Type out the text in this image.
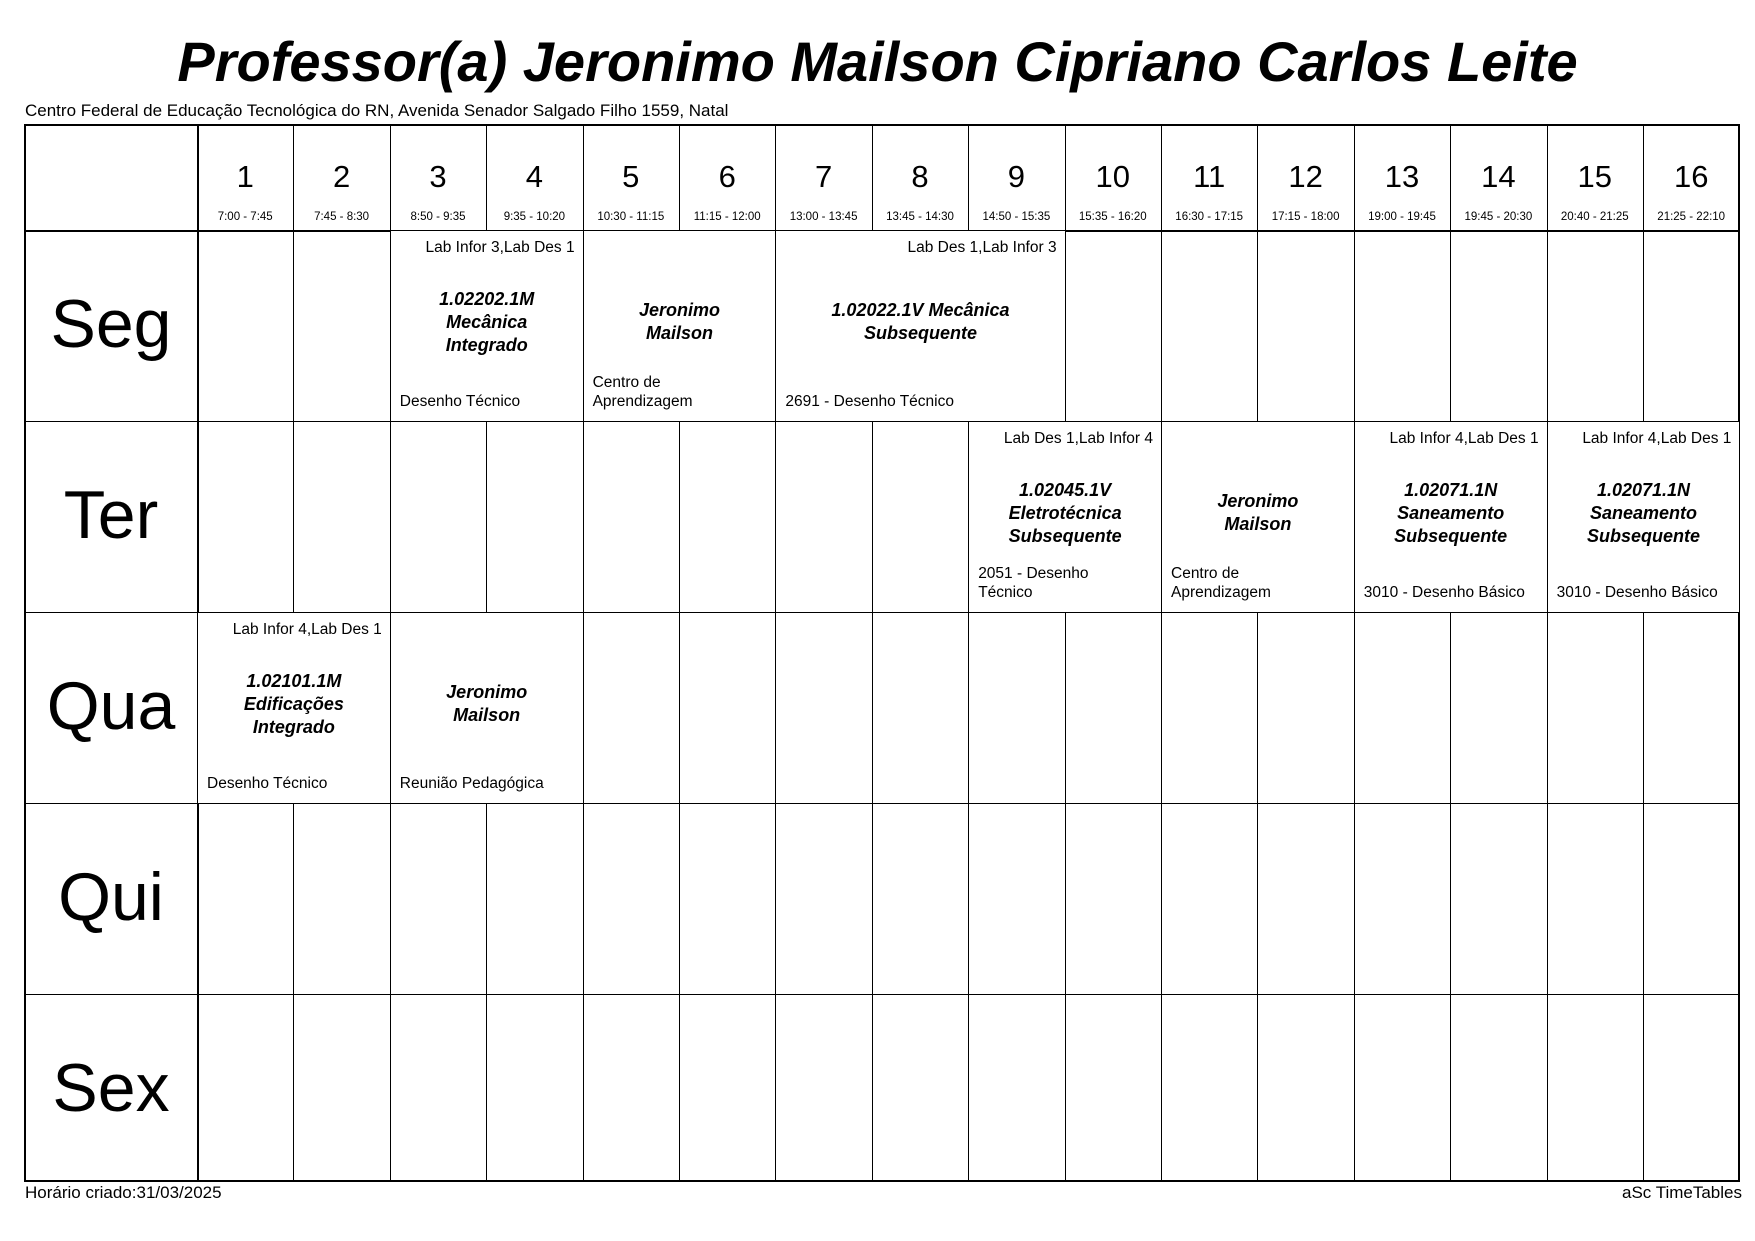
Professor(a) Jeronimo Mailson Cipriano Carlos Leite
Centro Federal de Educação Tecnológica do RN, Avenida Senador Salgado Filho 1559, Natal
1
7:00 - 7:45
2
7:45 - 8:30
3
8:50 - 9:35
4
9:35 - 10:20
5
10:30 - 11:15
6
11:15 - 12:00
7
13:00 - 13:45
8
13:45 - 14:30
9
14:50 - 15:35
10
15:35 - 16:20
11
16:30 - 17:15
12
17:15 - 18:00
13
19:00 - 19:45
14
19:45 - 20:30
15
20:40 - 21:25
16
21:25 - 22:10
Seg
Ter
Qua
Qui
Sex
Lab Infor 3,Lab Des 1
1.02202.1M
Mecânica
Integrado
Desenho Técnico
Jeronimo
Mailson
Centro de
Aprendizagem
Lab Des 1,Lab Infor 3
1.02022.1V Mecânica
Subsequente
2691 - Desenho Técnico
Lab Des 1,Lab Infor 4
1.02045.1V
Eletrotécnica
Subsequente
2051 - Desenho
Técnico
Jeronimo
Mailson
Centro de
Aprendizagem
Lab Infor 4,Lab Des 1
1.02071.1N
Saneamento
Subsequente
3010 - Desenho Básico
Lab Infor 4,Lab Des 1
1.02071.1N
Saneamento
Subsequente
3010 - Desenho Básico
Lab Infor 4,Lab Des 1
1.02101.1M
Edificações
Integrado
Desenho Técnico
Jeronimo
Mailson
Reunião Pedagógica
Horário criado:31/03/2025	aSc TimeTables
